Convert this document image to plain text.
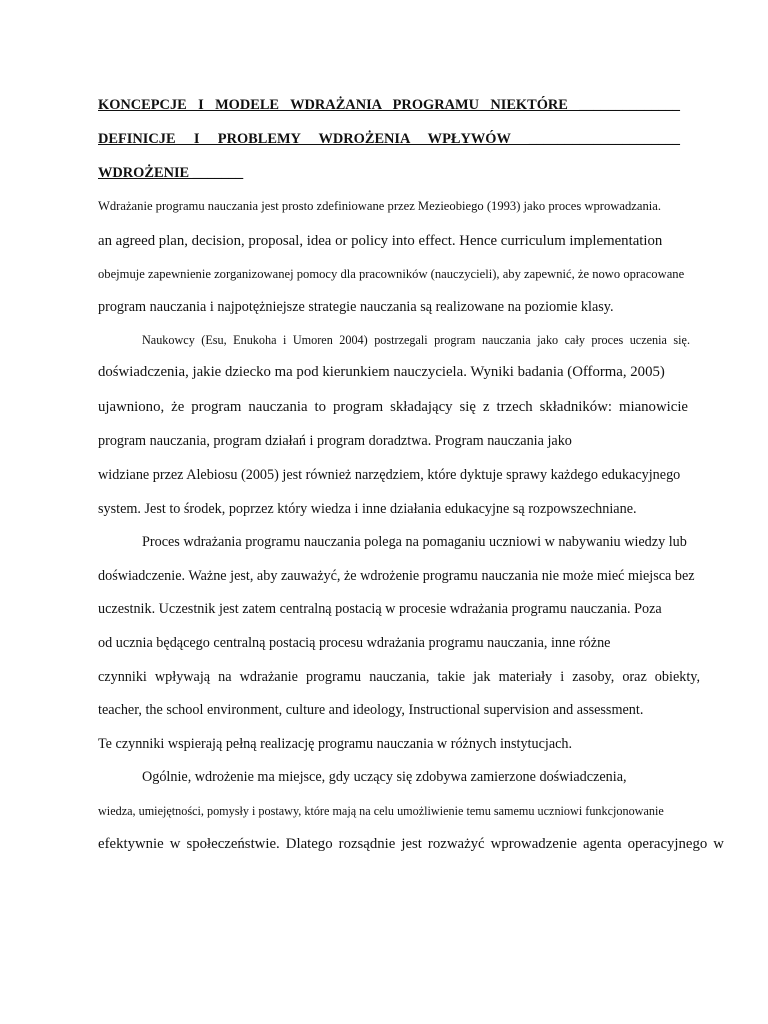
KONCEPCJE I MODELE WDRAŻANIA PROGRAMU NIEKTÓRE ______________
DEFINICJE I PROBLEMY WDROŻENIA WPŁYWÓW _____________________
WDROŻENIE _______
Wdrażanie programu nauczania jest prosto zdefiniowane przez Mezieobiego (1993) jako proces wprowadzania.
an agreed plan, decision, proposal, idea or policy into effect. Hence curriculum implementation
obejmuje zapewnienie zorganizowanej pomocy dla pracowników (nauczycieli), aby zapewnić, że nowo opracowane
program nauczania i najpotężniejsze strategie nauczania są realizowane na poziomie klasy.
Naukowcy (Esu, Enukoha i Umoren 2004) postrzegali program nauczania jako cały proces uczenia się.
doświadczenia, jakie dziecko ma pod kierunkiem nauczyciela. Wyniki badania (Offorma, 2005)
ujawniono, że program nauczania to program składający się z trzech składników: mianowicie
program nauczania, program działań i program doradztwa. Program nauczania jako
widziane przez Alebiosu (2005) jest również narzędziem, które dyktuje sprawy każdego edukacyjnego
system. Jest to środek, poprzez który wiedza i inne działania edukacyjne są rozpowszechniane.
Proces wdrażania programu nauczania polega na pomaganiu uczniowi w nabywaniu wiedzy lub
doświadczenie. Ważne jest, aby zauważyć, że wdrożenie programu nauczania nie może mieć miejsca bez
uczestnik. Uczestnik jest zatem centralną postacią w procesie wdrażania programu nauczania. Poza
od ucznia będącego centralną postacią procesu wdrażania programu nauczania, inne różne
czynniki wpływają na wdrażanie programu nauczania, takie jak materiały i zasoby, oraz obiekty,
teacher, the school environment, culture and ideology, Instructional supervision and assessment.
Te czynniki wspierają pełną realizację programu nauczania w różnych instytucjach.
Ogólnie, wdrożenie ma miejsce, gdy uczący się zdobywa zamierzone doświadczenia,
wiedza, umiejętności, pomysły i postawy, które mają na celu umożliwienie temu samemu uczniowi funkcjonowanie
efektywnie w społeczeństwie. Dlatego rozsądnie jest rozważyć wprowadzenie agenta operacyjnego w
